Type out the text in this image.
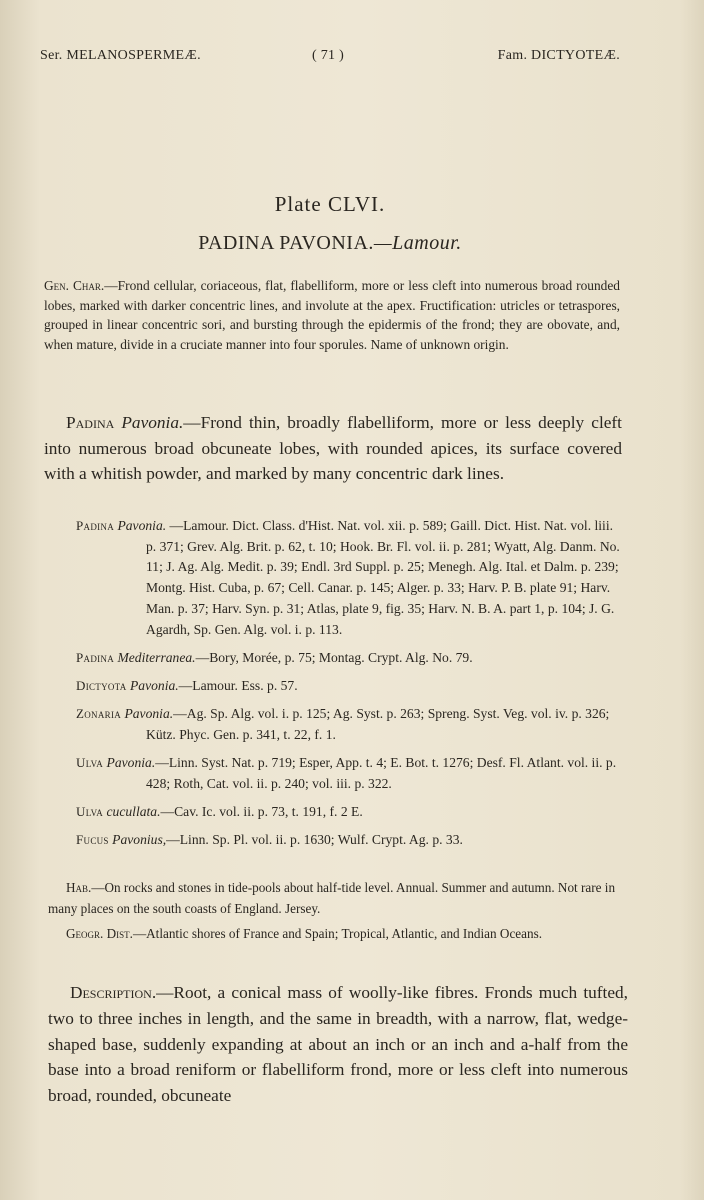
Ser. MELANOSPERMEÆ.	( 71 )	Fam. DICTYOTEÆ.
Plate CLVI.
PADINA PAVONIA.—Lamour.
Gen. Char.—Frond cellular, coriaceous, flat, flabelliform, more or less cleft into numerous broad rounded lobes, marked with darker concentric lines, and involute at the apex. Fructification: utricles or tetraspores, grouped in linear concentric sori, and bursting through the epidermis of the frond; they are obovate, and, when mature, divide in a cruciate manner into four sporules. Name of unknown origin.
Padina Pavonia.—Frond thin, broadly flabelliform, more or less deeply cleft into numerous broad obcuneate lobes, with rounded apices, its surface covered with a whitish powder, and marked by many concentric dark lines.
Padina Pavonia. —Lamour. Dict. Class. d'Hist. Nat. vol. xii. p. 589; Gaill. Dict. Hist. Nat. vol. liii. p. 371; Grev. Alg. Brit. p. 62, t. 10; Hook. Br. Fl. vol. ii. p. 281; Wyatt, Alg. Danm. No. 11; J. Ag. Alg. Medit. p. 39; Endl. 3rd Suppl. p. 25; Menegh. Alg. Ital. et Dalm. p. 239; Montg. Hist. Cuba, p. 67; Cell. Canar. p. 145; Alger. p. 33; Harv. P. B. plate 91; Harv. Man. p. 37; Harv. Syn. p. 31; Atlas, plate 9, fig. 35; Harv. N. B. A. part 1, p. 104; J. G. Agardh, Sp. Gen. Alg. vol. i. p. 113.
Padina Mediterranea.—Bory, Morée, p. 75; Montag. Crypt. Alg. No. 79.
Dictyota Pavonia.—Lamour. Ess. p. 57.
Zonaria Pavonia.—Ag. Sp. Alg. vol. i. p. 125; Ag. Syst. p. 263; Spreng. Syst. Veg. vol. iv. p. 326; Kütz. Phyc. Gen. p. 341, t. 22, f. 1.
Ulva Pavonia.—Linn. Syst. Nat. p. 719; Esper, App. t. 4; E. Bot. t. 1276; Desf. Fl. Atlant. vol. ii. p. 428; Roth, Cat. vol. ii. p. 240; vol. iii. p. 322.
Ulva cucullata.—Cav. Ic. vol. ii. p. 73, t. 191, f. 2 E.
Fucus Pavonius,—Linn. Sp. Pl. vol. ii. p. 1630; Wulf. Crypt. Ag. p. 33.
Hab.—On rocks and stones in tide-pools about half-tide level. Annual. Summer and autumn. Not rare in many places on the south coasts of England. Jersey.
Geogr. Dist.—Atlantic shores of France and Spain; Tropical, Atlantic, and Indian Oceans.
Description.—Root, a conical mass of woolly-like fibres. Fronds much tufted, two to three inches in length, and the same in breadth, with a narrow, flat, wedge-shaped base, suddenly expanding at about an inch or an inch and a-half from the base into a broad reniform or flabelliform frond, more or less cleft into numerous broad, rounded, obcuneate
